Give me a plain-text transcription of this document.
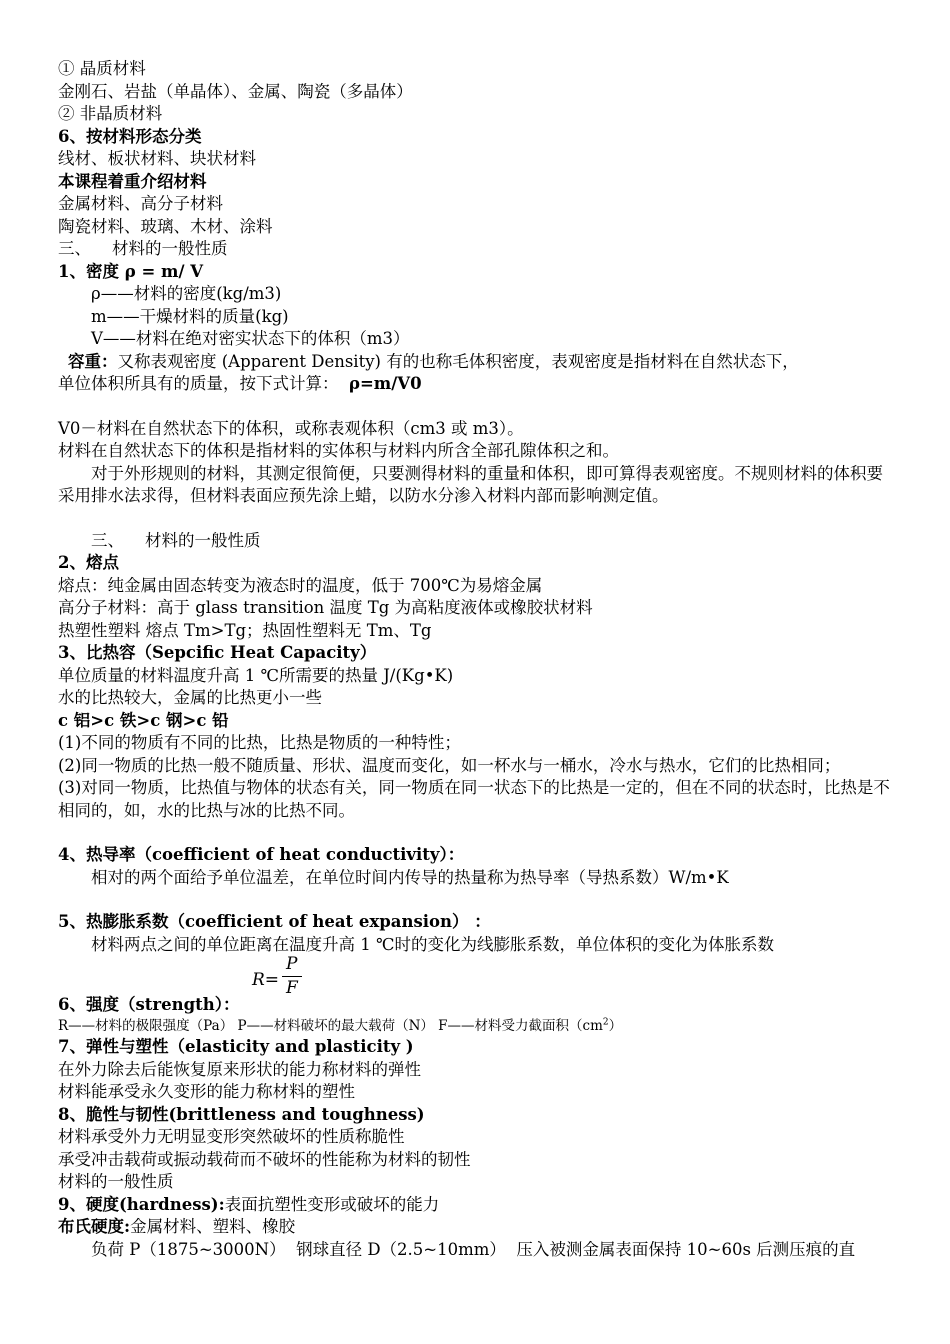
① 晶质材料
金刚石、岩盐（单晶体）、金属、陶瓷（多晶体）
② 非晶质材料
6、按材料形态分类
线材、板状材料、块状材料
本课程着重介绍材料
金属材料、高分子材料
陶瓷材料、玻璃、木材、涂料
三、    材料的一般性质
1、密度 ρ = m/ V
ρ——材料的密度(kg/m3)
m——干燥材料的质量(kg)
V——材料在绝对密实状态下的体积（m3）
容重：又称表观密度 (Apparent Density) 有的也称毛体积密度，表观密度是指材料在自然状态下，
单位体积所具有的质量，按下式计算：  ρ=m/V0
V0－材料在自然状态下的体积，或称表观体积（cm3 或 m3）。
材料在自然状态下的体积是指材料的实体积与材料内所含全部孔隙体积之和。
对于外形规则的材料，其测定很简便，只要测得材料的重量和体积，即可算得表观密度。不规则材料的体积要采用排水法求得，但材料表面应预先涂上蜡，以防水分渗入材料内部而影响测定值。
三、    材料的一般性质
2、熔点
熔点：纯金属由固态转变为液态时的温度，低于 700℃为易熔金属
高分子材料：高于 glass transition 温度 Tg 为高粘度液体或橡胶状材料
热塑性塑料 熔点 Tm>Tg；热固性塑料无 Tm、Tg
3、比热容（Sepcific Heat Capacity）
单位质量的材料温度升高 1 ℃所需要的热量 J/(Kg•K)
水的比热较大，金属的比热更小一些
c 铝>c 铁>c 钢>c 铅
(1)不同的物质有不同的比热，比热是物质的一种特性；
(2)同一物质的比热一般不随质量、形状、温度而变化，如一杯水与一桶水，冷水与热水，它们的比热相同；
(3)对同一物质，比热值与物体的状态有关，同一物质在同一状态下的比热是一定的，但在不同的状态时，比热是不相同的，如，水的比热与冰的比热不同。
4、热导率（coefficient of heat conductivity）：
相对的两个面给予单位温差，在单位时间内传导的热量称为热导率（导热系数）W/m•K
5、热膨胀系数（coefficient of heat expansion） ：
材料两点之间的单位距离在温度升高 1 ℃时的变化为线膨胀系数，单位体积的变化为体胀系数
R=
P
F
6、强度（strength）：
R——材料的极限强度（Pa） P——材料破坏的最大载荷（N） F——材料受力截面积$(cm^2)$
7、弹性与塑性（elasticity and plasticity )
在外力除去后能恢复原来形状的能力称材料的弹性
材料能承受永久变形的能力称材料的塑性
8、脆性与韧性(brittleness and toughness)
材料承受外力无明显变形突然破坏的性质称脆性
承受冲击载荷或振动载荷而不破坏的性能称为材料的韧性
材料的一般性质
9、硬度(hardness):表面抗塑性变形或破坏的能力
布氏硬度:金属材料、塑料、橡胶
负荷 P（1875~3000N）  钢球直径 D（2.5~10mm）  压入被测金属表面保持 10~60s 后测压痕的直
